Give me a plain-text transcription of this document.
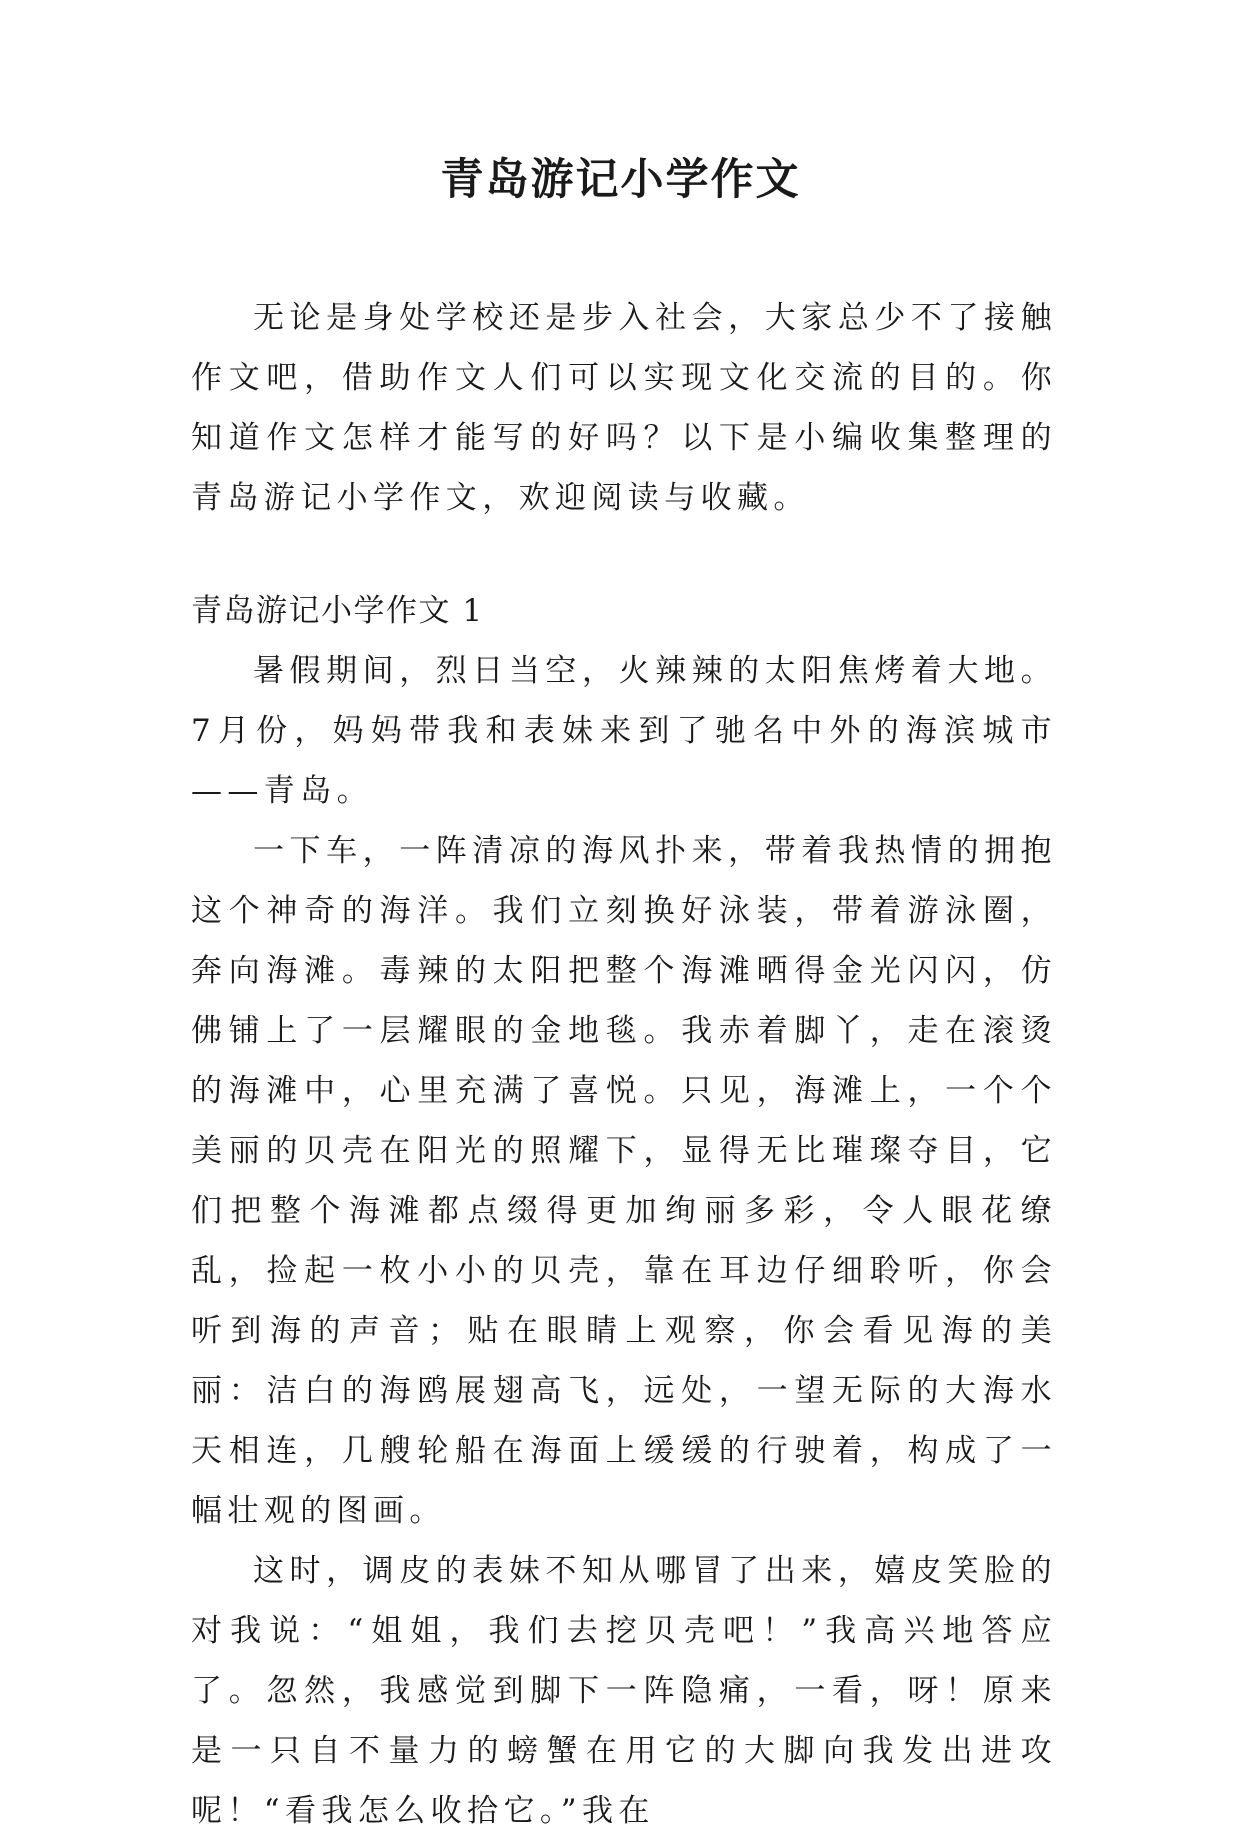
青岛游记小学作文

无论是身处学校还是步入社会，大家总少不了接触作文吧，借助作文人们可以实现文化交流的目的。你知道作文怎样才能写的好吗？以下是小编收集整理的青岛游记小学作文，欢迎阅读与收藏。

青岛游记小学作文 1

暑假期间，烈日当空，火辣辣的太阳焦烤着大地。7月份，妈妈带我和表妹来到了驰名中外的海滨城市——青岛。

一下车，一阵清凉的海风扑来，带着我热情的拥抱这个神奇的海洋。我们立刻换好泳装，带着游泳圈，奔向海滩。毒辣的太阳把整个海滩晒得金光闪闪，仿佛铺上了一层耀眼的金地毯。我赤着脚丫，走在滚烫的海滩中，心里充满了喜悦。只见，海滩上，一个个美丽的贝壳在阳光的照耀下，显得无比璀璨夺目，它们把整个海滩都点缀得更加绚丽多彩，令人眼花缭乱，捡起一枚小小的贝壳，靠在耳边仔细聆听，你会听到海的声音；贴在眼睛上观察，你会看见海的美丽：洁白的海鸥展翅高飞，远处，一望无际的大海水天相连，几艘轮船在海面上缓缓的行驶着，构成了一幅壮观的图画。

这时，调皮的表妹不知从哪冒了出来，嬉皮笑脸的对我说：“姐姐，我们去挖贝壳吧！”我高兴地答应了。忽然，我感觉到脚下一阵隐痛，一看，呀！原来是一只自不量力的螃蟹在用它的大脚向我发出进攻呢！“看我怎么收拾它。”我在
